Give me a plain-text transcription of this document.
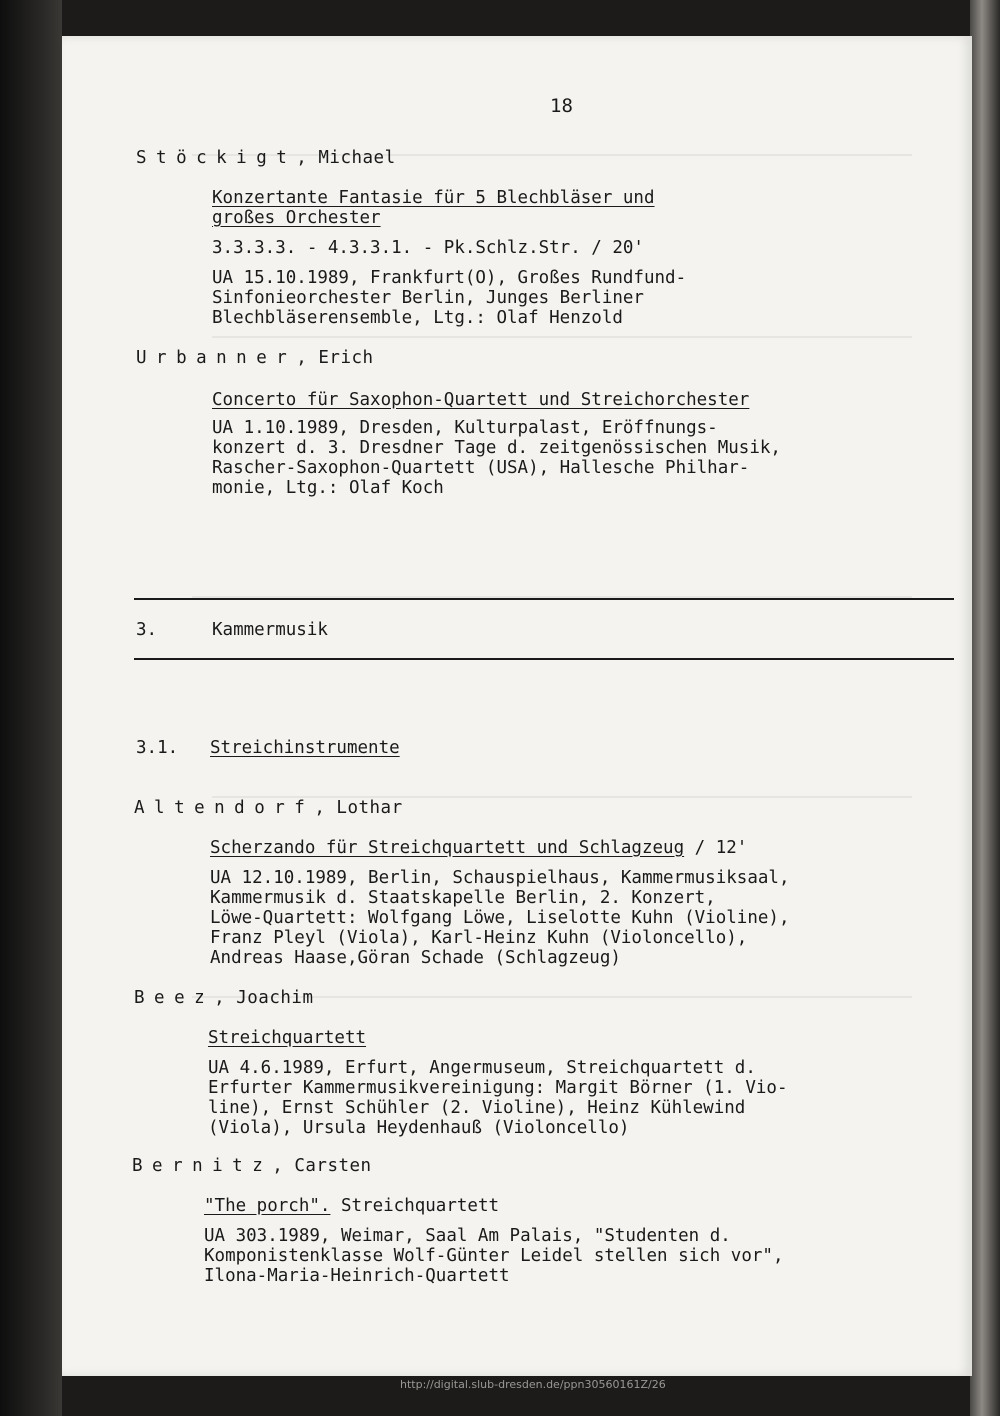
18
Stöckigt, Michael
Konzertante Fantasie für 5 Blechbläser und
großes Orchester
3.3.3.3. - 4.3.3.1. - Pk.Schlz.Str. / 20'
UA 15.10.1989, Frankfurt(O), Großes Rundfund-
Sinfonieorchester Berlin, Junges Berliner
Blechbläserensemble, Ltg.: Olaf Henzold
Urbanner, Erich
Concerto für Saxophon-Quartett und Streichorchester
UA 1.10.1989, Dresden, Kulturpalast, Eröffnungs-
konzert d. 3. Dresdner Tage d. zeitgenössischen Musik,
Rascher-Saxophon-Quartett (USA), Hallesche Philhar-
monie, Ltg.: Olaf Koch
3.	Kammermusik
3.1. Streichinstrumente
Altendorf, Lothar
Scherzando für Streichquartett und Schlagzeug / 12'
UA 12.10.1989, Berlin, Schauspielhaus, Kammermusiksaal,
Kammermusik d. Staatskapelle Berlin, 2. Konzert,
Löwe-Quartett: Wolfgang Löwe, Liselotte Kuhn (Violine),
Franz Pleyl (Viola), Karl-Heinz Kuhn (Violoncello),
Andreas Haase,Göran Schade (Schlagzeug)
Beez, Joachim
Streichquartett
UA 4.6.1989, Erfurt, Angermuseum, Streichquartett d.
Erfurter Kammermusikvereinigung: Margit Börner (1. Vio-
line), Ernst Schühler (2. Violine), Heinz Kühlewind
(Viola), Ursula Heydenhauß (Violoncello)
Bernitz, Carsten
"The porch". Streichquartett
UA 303.1989, Weimar, Saal Am Palais, "Studenten d.
Komponistenklasse Wolf-Günter Leidel stellen sich vor",
Ilona-Maria-Heinrich-Quartett
http://digital.slub-dresden.de/ppn30560161Z/26
